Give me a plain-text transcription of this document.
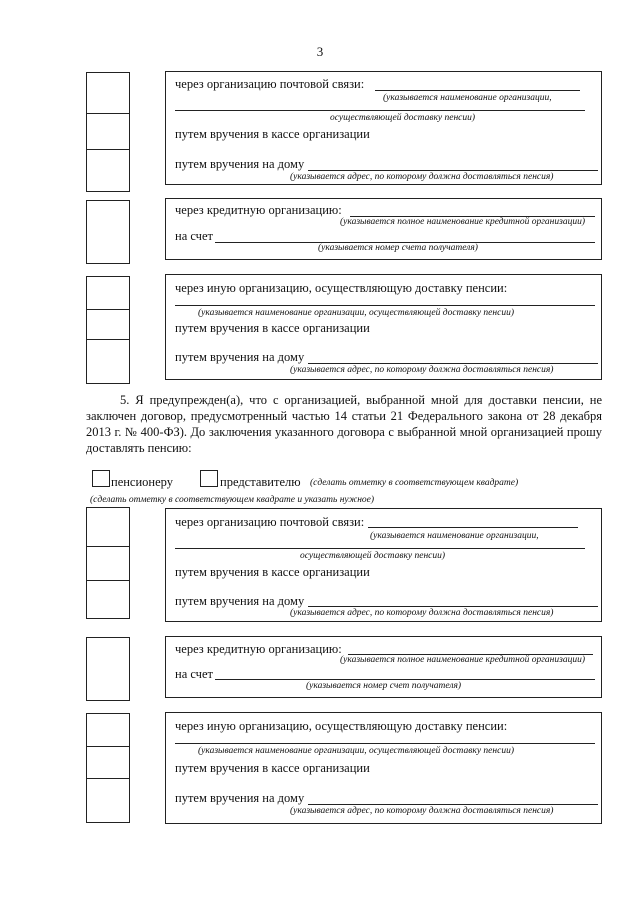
3
через организацию почтовой связи:
(указывается наименование организации,
осуществляющей доставку пенсии)
путем вручения в кассе организации
путем вручения на дому
(указывается адрес, по которому должна доставляться пенсия)
через кредитную организацию:
(указывается полное наименование кредитной организации)
на счет
(указывается номер счета получателя)
через иную организацию, осуществляющую доставку пенсии:
(указывается наименование организации, осуществляющей доставку пенсии)
путем вручения в кассе организации
путем вручения на дому
(указывается адрес, по которому должна доставляться пенсия)
5. Я предупрежден(а), что с организацией, выбранной мной для доставки пенсии, не заключен договор, предусмотренный частью 14 статьи 21 Федерального закона от 28 декабря 2013 г. № 400-ФЗ). До заключения указанного договора с выбранной мной организацией прошу доставлять пенсию:
пенсионеру	представителю (сделать отметку в соответствующем квадрате)
(сделать отметку в соответствующем квадрате и указать нужное)
через организацию почтовой связи:
(указывается наименование организации,
осуществляющей доставку пенсии)
путем вручения в кассе организации
путем вручения на дому
(указывается адрес, по которому должна доставляться пенсия)
через кредитную организацию:
(указывается полное наименование кредитной организации)
на счет
(указывается номер счет получателя)
через иную организацию, осуществляющую доставку пенсии:
(указывается наименование организации, осуществляющей доставку пенсии)
путем вручения в кассе организации
путем вручения на дому
(указывается адрес, по которому должна доставляться пенсия)
